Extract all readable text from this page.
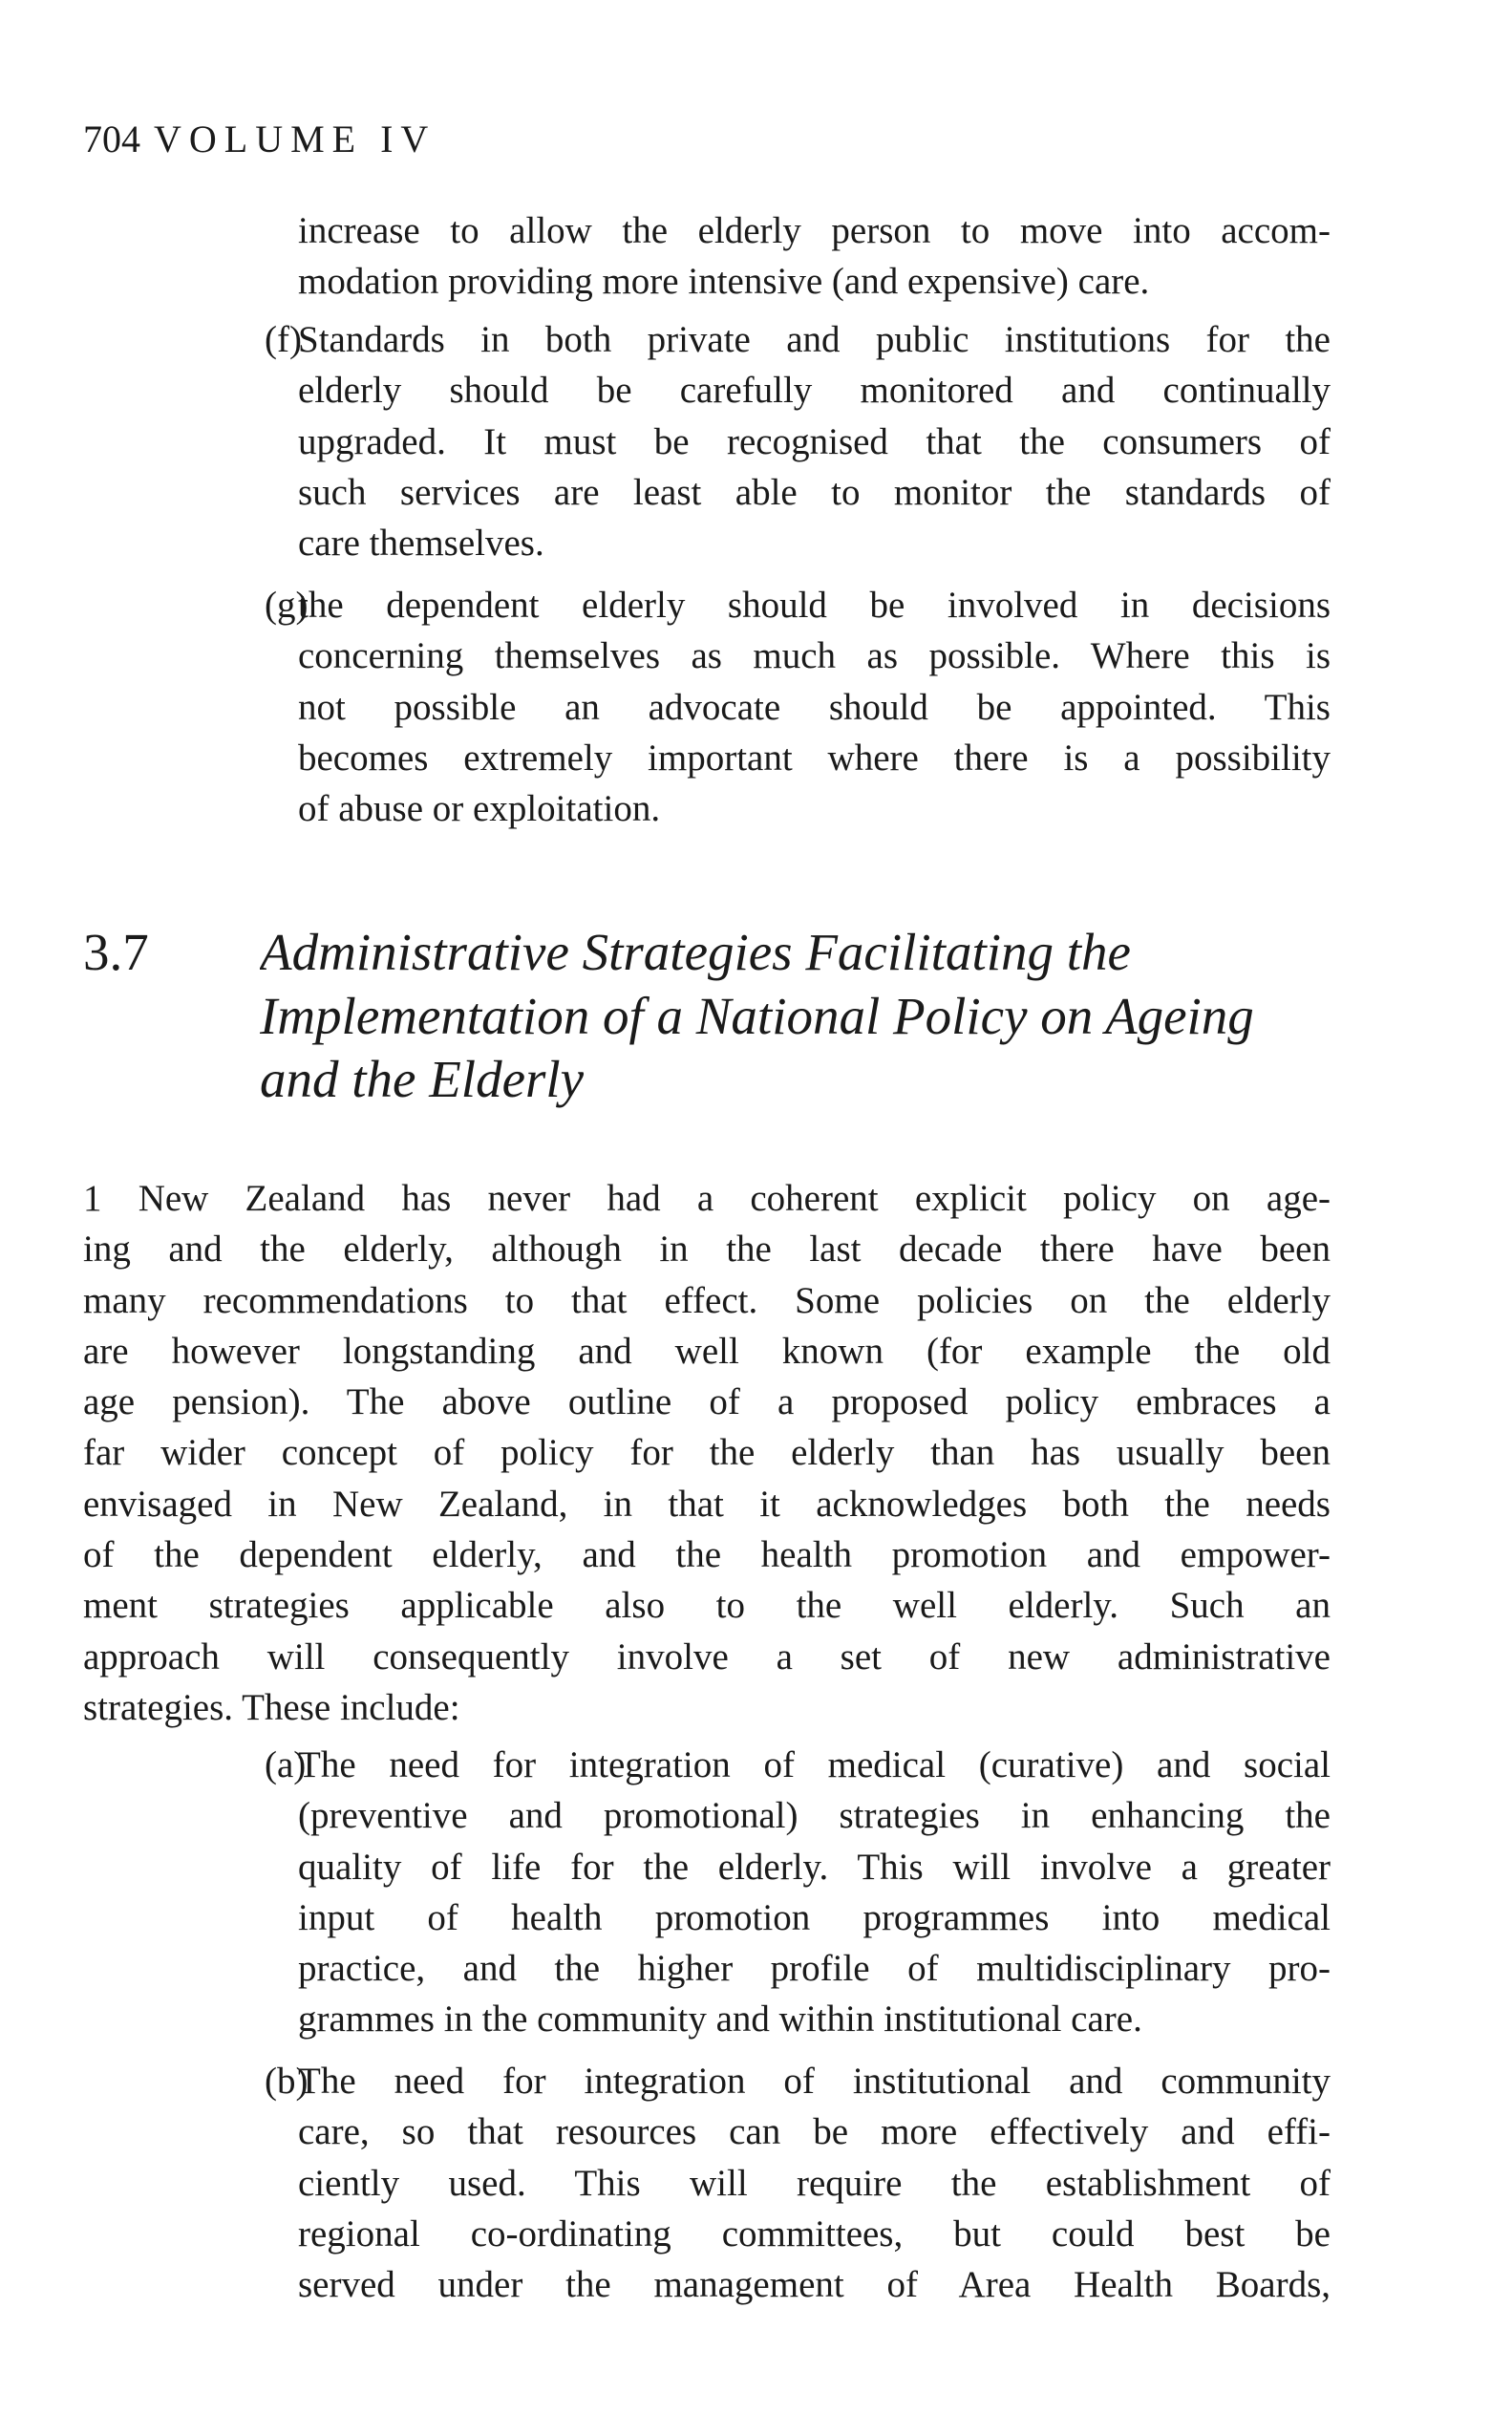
704 VOLUME IV
increase to allow the elderly person to move into accom-
modation providing more intensive (and expensive) care.
(f)
Standards in both private and public institutions for the
elderly should be carefully monitored and continually
upgraded. It must be recognised that the consumers of
such services are least able to monitor the standards of
care themselves.
(g)
the dependent elderly should be involved in decisions
concerning themselves as much as possible. Where this is
not possible an advocate should be appointed. This
becomes extremely important where there is a possibility
of abuse or exploitation.
3.7 Administrative Strategies Facilitating the
Implementation of a National Policy on Ageing
and the Elderly
1 New Zealand has never had a coherent explicit policy on age-
ing and the elderly, although in the last decade there have been
many recommendations to that effect. Some policies on the elderly
are however longstanding and well known (for example the old
age pension). The above outline of a proposed policy embraces a
far wider concept of policy for the elderly than has usually been
envisaged in New Zealand, in that it acknowledges both the needs
of the dependent elderly, and the health promotion and empower-
ment strategies applicable also to the well elderly. Such an
approach will consequently involve a set of new administrative
strategies. These include:
(a)
The need for integration of medical (curative) and social
(preventive and promotional) strategies in enhancing the
quality of life for the elderly. This will involve a greater
input of health promotion programmes into medical
practice, and the higher profile of multidisciplinary pro-
grammes in the community and within institutional care.
(b)
The need for integration of institutional and community
care, so that resources can be more effectively and effi-
ciently used. This will require the establishment of
regional co-ordinating committees, but could best be
served under the management of Area Health Boards,
